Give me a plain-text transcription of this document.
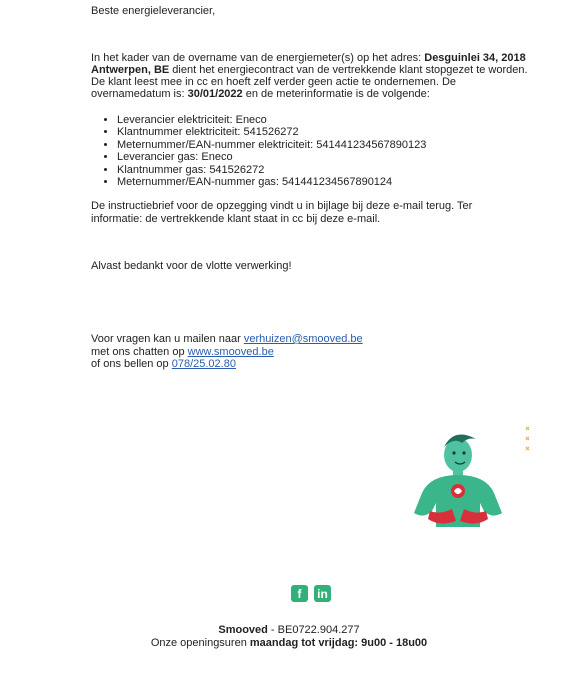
Beste energieleverancier,
In het kader van de overname van de energiemeter(s) op het adres: Desguinlei 34, 2018 Antwerpen, BE dient het energiecontract van de vertrekkende klant stopgezet te worden. De klant leest mee in cc en hoeft zelf verder geen actie te ondernemen. De overnamedatum is: 30/01/2022 en de meterinformatie is de volgende:
• Leverancier elektriciteit: Eneco
• Klantnummer elektriciteit: 541526272
• Meternummer/EAN-nummer elektriciteit: 541441234567890123
• Leverancier gas: Eneco
• Klantnummer gas: 541526272
• Meternummer/EAN-nummer gas: 541441234567890124
De instructiebrief voor de opzegging vindt u in bijlage bij deze e-mail terug. Ter informatie: de vertrekkende klant staat in cc bij deze e-mail.
Alvast bedankt voor de vlotte verwerking!
Voor vragen kan u mailen naar verhuizen@smooved.be
met ons chatten op www.smooved.be
of ons bellen op 078/25.02.80
f	in
Smooved - BE0722.904.277
Onze openingsuren maandag tot vrijdag: 9u00 - 18u00
